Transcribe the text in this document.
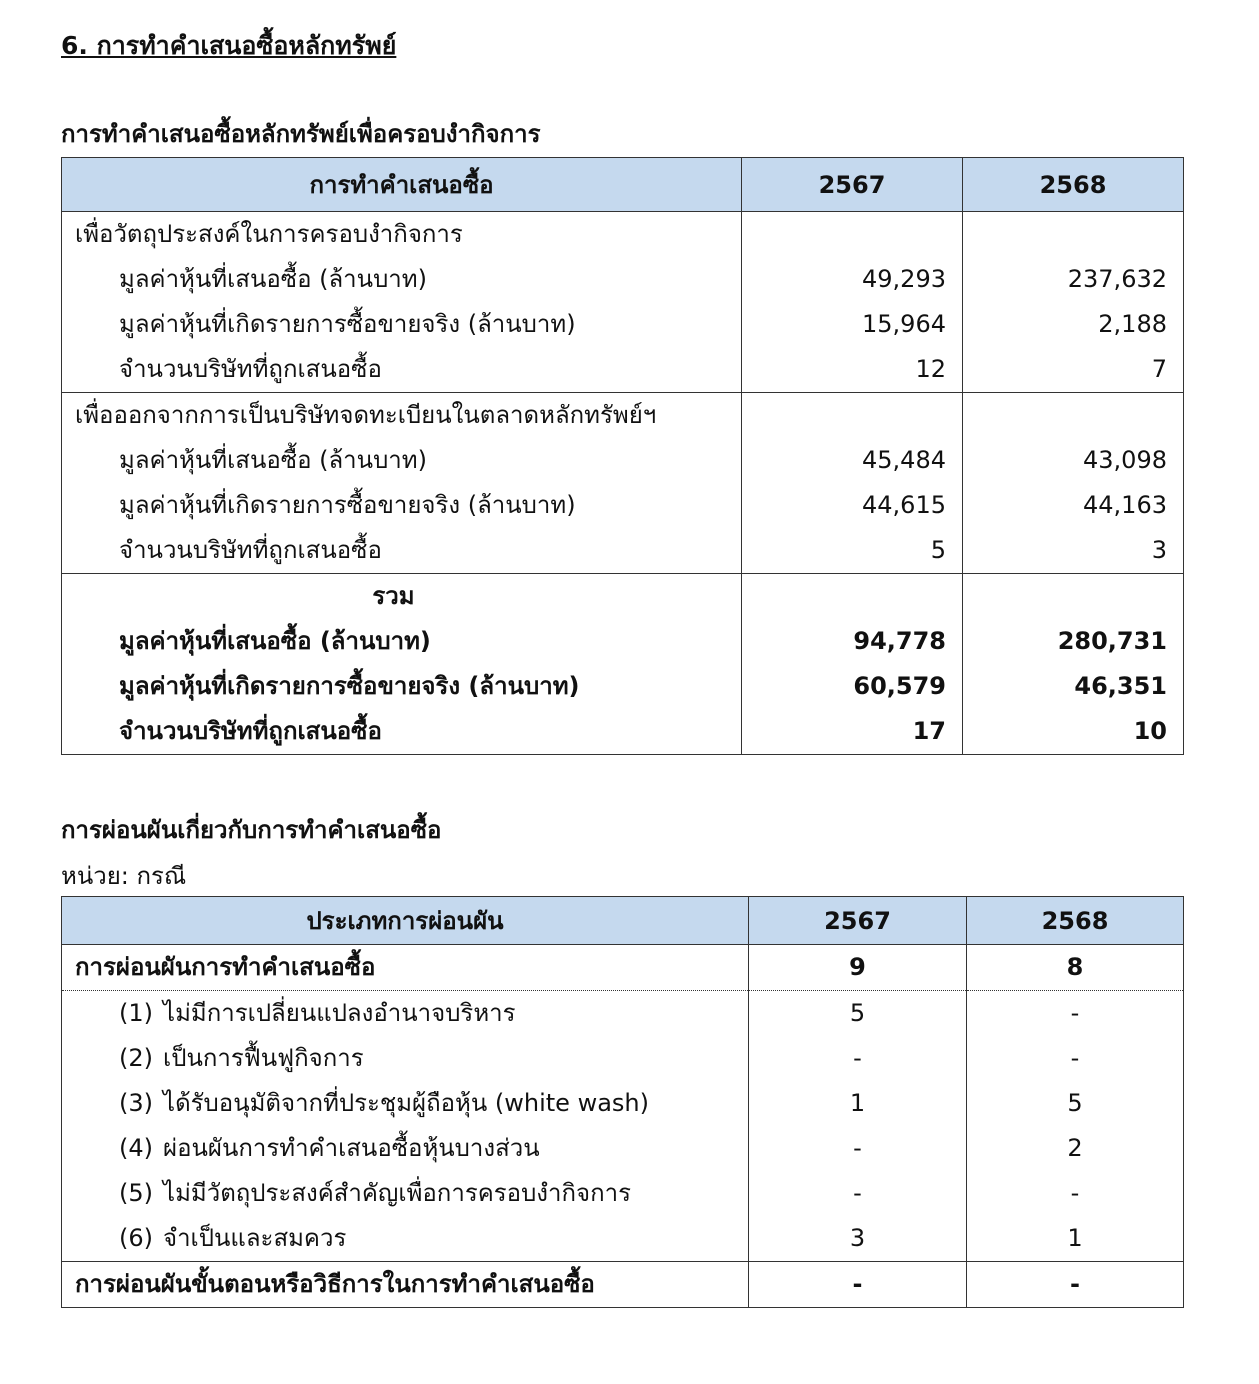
6. การทำคำเสนอซื้อหลักทรัพย์
การทำคำเสนอซื้อหลักทรัพย์เพื่อครอบงำกิจการ
การทำคำเสนอซื้อ	2567	2568
เพื่อวัตถุประสงค์ในการครอบงำกิจการ		
มูลค่าหุ้นที่เสนอซื้อ (ล้านบาท)	49,293	237,632
มูลค่าหุ้นที่เกิดรายการซื้อขายจริง (ล้านบาท)	15,964	2,188
จำนวนบริษัทที่ถูกเสนอซื้อ	12	7
เพื่อออกจากการเป็นบริษัทจดทะเบียนในตลาดหลักทรัพย์ฯ		
มูลค่าหุ้นที่เสนอซื้อ (ล้านบาท)	45,484	43,098
มูลค่าหุ้นที่เกิดรายการซื้อขายจริง (ล้านบาท)	44,615	44,163
จำนวนบริษัทที่ถูกเสนอซื้อ	5	3
รวม		
มูลค่าหุ้นที่เสนอซื้อ (ล้านบาท)	94,778	280,731
มูลค่าหุ้นที่เกิดรายการซื้อขายจริง (ล้านบาท)	60,579	46,351
จำนวนบริษัทที่ถูกเสนอซื้อ	17	10
การผ่อนผันเกี่ยวกับการทำคำเสนอซื้อ

หน่วย: กรณี

ประเภทการผ่อนผัน	2567	2568
การผ่อนผันการทำคำเสนอซื้อ	9	8
(1) ไม่มีการเปลี่ยนแปลงอำนาจบริหาร	5	-
(2) เป็นการฟื้นฟูกิจการ	-	-
(3) ได้รับอนุมัติจากที่ประชุมผู้ถือหุ้น (white wash)	1	5
(4) ผ่อนผันการทำคำเสนอซื้อหุ้นบางส่วน	-	2
(5) ไม่มีวัตถุประสงค์สำคัญเพื่อการครอบงำกิจการ	-	-
(6) จำเป็นและสมควร	3	1
การผ่อนผันขั้นตอนหรือวิธีการในการทำคำเสนอซื้อ	-	-
